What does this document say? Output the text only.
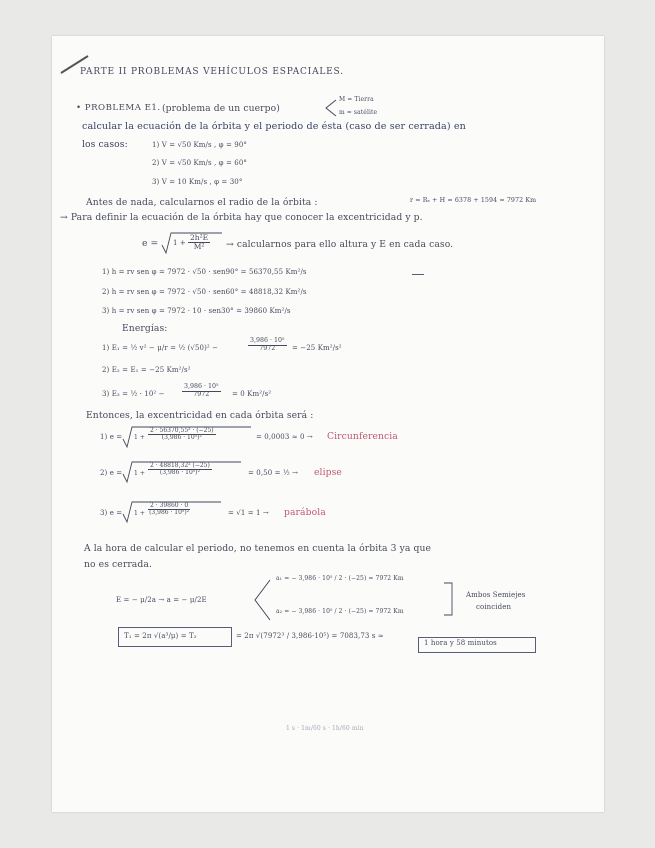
PARTE II PROBLEMAS VEHÍCULOS ESPACIALES.
• PROBLEMA E1. (problema de un cuerpo)
M = Tierra
m = satélite
calcular la ecuación de la órbita y el periodo de ésta (caso de ser cerrada) en
los casos:	1) V = √50 Km/s , φ = 90°
2) V = √50 Km/s , φ = 60°
3) V = 10 Km/s , φ = 30°
Antes de nada, calcularnos el radio de la órbita :	r = Rₑ + H = 6378 + 1594 = 7972 Km
→ Para definir la ecuación de la órbita hay que conocer la excentricidad y p.
$e = 1 + \frac{\text{2h²E}}{\text{M²}}$ → calcularnos para ello altura y E en cada caso.
1) h = rv sen φ = 7972 · √50 · sen90° = 56370,55 Km²/s
2) h = rv sen φ = 7972 · √50 · sen60° = 48818,32 Km²/s
3) h = rv sen φ = 7972 · 10 · sen30° = 39860 Km²/s
Energías:
1) E₁ = ½ v² − μ/r = ½ (√50)² −	$\frac{\text{3,986 · 10⁵}}{7972} = -25$ Km²/s²
2) E₂ = E₁ = −25 Km²/s²
3) E₃ = ½ · 10² −	$\frac{\text{3,986 · 10⁵}}{7972} = 0$ Km²/s²
Entonces, la excentricidad en cada órbita será :
1) $e = 1 + \frac{\text{2 · 56370,55² · (−25)}}{\text{(3,986 · 10⁵)²}}$	= 0,0003 ≈ 0 → Circunferencia
2) $e = 1 + \frac{\text{2 · 48818,32² (−25)}}{\text{(3,986 · 10⁵)²}}$	= 0,50 = ½ → elipse
3) $e = 1 + \frac{2 \cdot 39860 \cdot 0}{\text{(3,986 · 10⁵)²}}$	= √1 = 1 → parábola
A la hora de calcular el periodo, no tenemos en cuenta la órbita 3 ya que
no es cerrada.
E = − μ/2a → a = − μ/2E
a₁ = − 3,986 · 10⁵ / 2 · (−25) = 7972 Km
a₂ = − 3,986 · 10⁵ / 2 · (−25) = 7972 Km
Ambos Semiejes
coinciden
T₁ = 2π √(a³/μ) = T₂	= 2π √(7972³ / 3,986·10⁵) = 7083,73 s ≈
1 hora y 58 minutos
1 s · 1m/60 s · 1h/60 min
